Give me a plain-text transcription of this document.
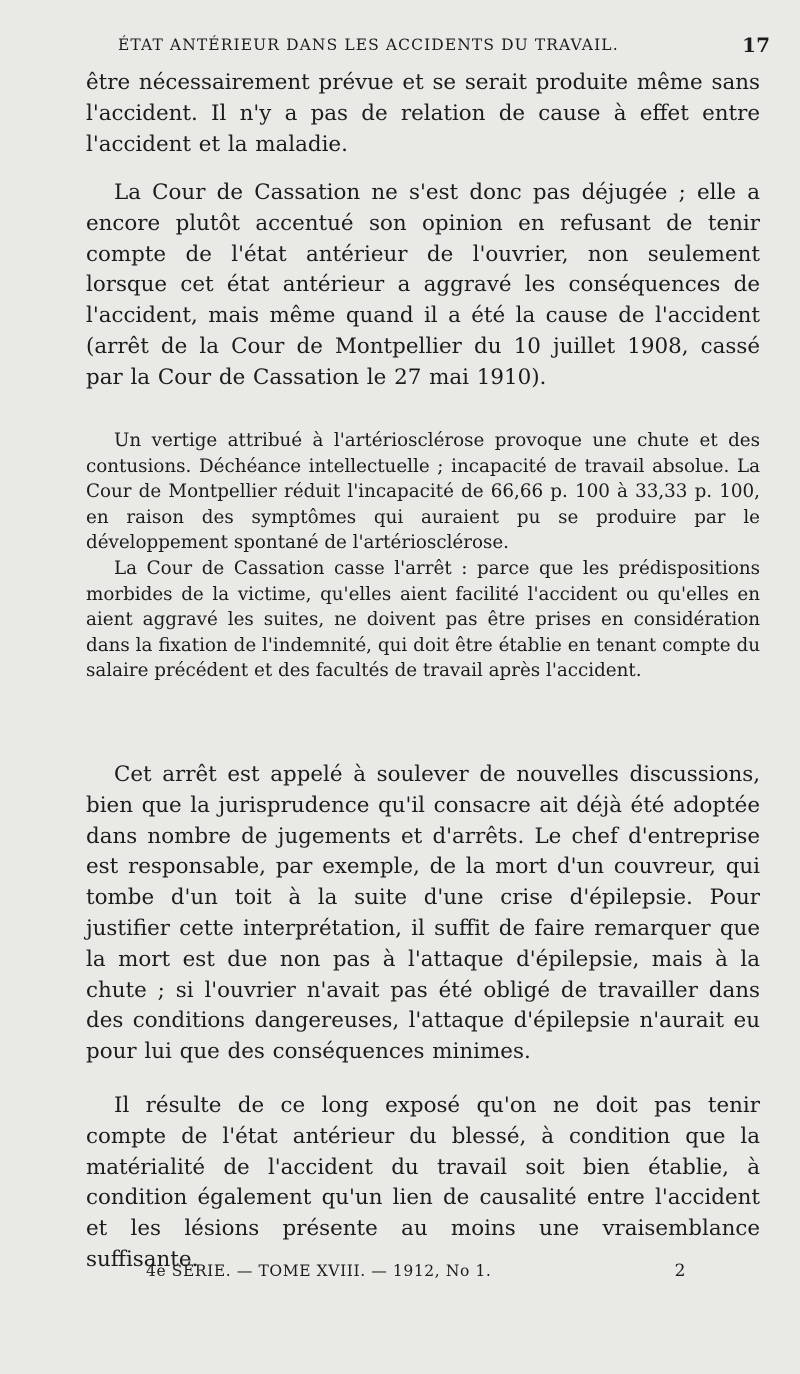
ÉTAT ANTÉRIEUR DANS LES ACCIDENTS DU TRAVAIL.	17

être nécessairement prévue et se serait produite même sans l'accident. Il n'y a pas de relation de cause à effet entre l'accident et la maladie.

La Cour de Cassation ne s'est donc pas déjugée ; elle a encore plutôt accentué son opinion en refusant de tenir compte de l'état antérieur de l'ouvrier, non seulement lorsque cet état antérieur a aggravé les conséquences de l'accident, mais même quand il a été la cause de l'accident (arrêt de la Cour de Montpellier du 10 juillet 1908, cassé par la Cour de Cassation le 27 mai 1910).

Un vertige attribué à l'artériosclérose provoque une chute et des contusions. Déchéance intellectuelle ; incapacité de travail absolue. La Cour de Montpellier réduit l'incapacité de 66,66 p. 100 à 33,33 p. 100, en raison des symptômes qui auraient pu se produire par le développement spontané de l'artériosclérose.

La Cour de Cassation casse l'arrêt : parce que les prédispositions morbides de la victime, qu'elles aient facilité l'accident ou qu'elles en aient aggravé les suites, ne doivent pas être prises en considération dans la fixation de l'indemnité, qui doit être établie en tenant compte du salaire précédent et des facultés de travail après l'accident.

Cet arrêt est appelé à soulever de nouvelles discussions, bien que la jurisprudence qu'il consacre ait déjà été adoptée dans nombre de jugements et d'arrêts. Le chef d'entreprise est responsable, par exemple, de la mort d'un couvreur, qui tombe d'un toit à la suite d'une crise d'épilepsie. Pour justifier cette interprétation, il suffit de faire remarquer que la mort est due non pas à l'attaque d'épilepsie, mais à la chute ; si l'ouvrier n'avait pas été obligé de travailler dans des conditions dangereuses, l'attaque d'épilepsie n'aurait eu pour lui que des conséquences minimes.

Il résulte de ce long exposé qu'on ne doit pas tenir compte de l'état antérieur du blessé, à condition que la matérialité de l'accident du travail soit bien établie, à condition également qu'un lien de causalité entre l'accident et les lésions présente au moins une vraisemblance suffisante.

4e SÉRIE. — TOME XVIII. — 1912, No 1.	2
